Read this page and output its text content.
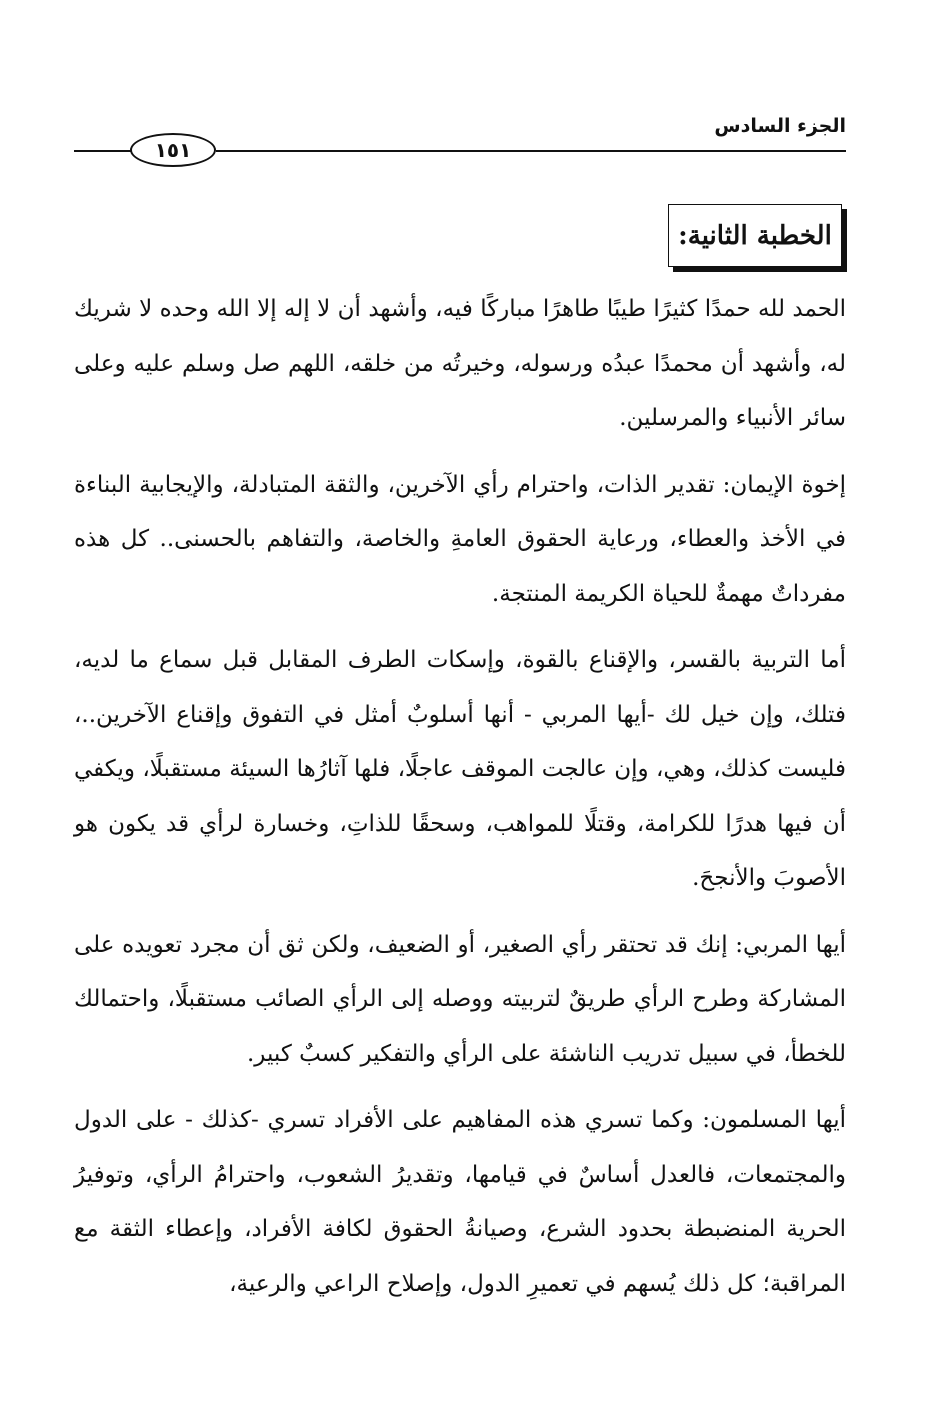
الجزء السادس
١٥١
الخطبة الثانية:

الحمد لله حمدًا كثيرًا طيبًا طاهرًا مباركًا فيه، وأشهد أن لا إله إلا الله وحده لا شريك له، وأشهد أن محمدًا عبدُه ورسوله، وخيرتُه من خلقه، اللهم صل وسلم عليه وعلى سائر الأنبياء والمرسلين.

إخوة الإيمان: تقدير الذات، واحترام رأي الآخرين، والثقة المتبادلة، والإيجابية البناءة في الأخذ والعطاء، ورعاية الحقوق العامةِ والخاصة، والتفاهم بالحسنى.. كل هذه مفرداتٌ مهمةٌ للحياة الكريمة المنتجة.

أما التربية بالقسر، والإقناع بالقوة، وإسكات الطرف المقابل قبل سماع ما لديه، فتلك، وإن خيل لك -أيها المربي - أنها أسلوبٌ أمثل في التفوق وإقناع الآخرين..، فليست كذلك، وهي، وإن عالجت الموقف عاجلًا، فلها آثارُها السيئة مستقبلًا، ويكفي أن فيها هدرًا للكرامة، وقتلًا للمواهب، وسحقًا للذاتِ، وخسارة لرأي قد يكون هو الأصوبَ والأنجحَ.

أيها المربي: إنك قد تحتقر رأي الصغير، أو الضعيف، ولكن ثق أن مجرد تعويده على المشاركة وطرح الرأي طريقٌ لتربيته ووصله إلى الرأي الصائب مستقبلًا، واحتمالك للخطأ، في سبيل تدريب الناشئة على الرأي والتفكير كسبٌ كبير.

أيها المسلمون: وكما تسري هذه المفاهيم على الأفراد تسري -كذلك - على الدول والمجتمعات، فالعدل أساسٌ في قيامها، وتقديرُ الشعوب، واحترامُ الرأي، وتوفيرُ الحرية المنضبطة بحدود الشرع، وصيانةُ الحقوق لكافة الأفراد، وإعطاء الثقة مع المراقبة؛ كل ذلك يُسهم في تعميرِ الدول، وإصلاح الراعي والرعية،
